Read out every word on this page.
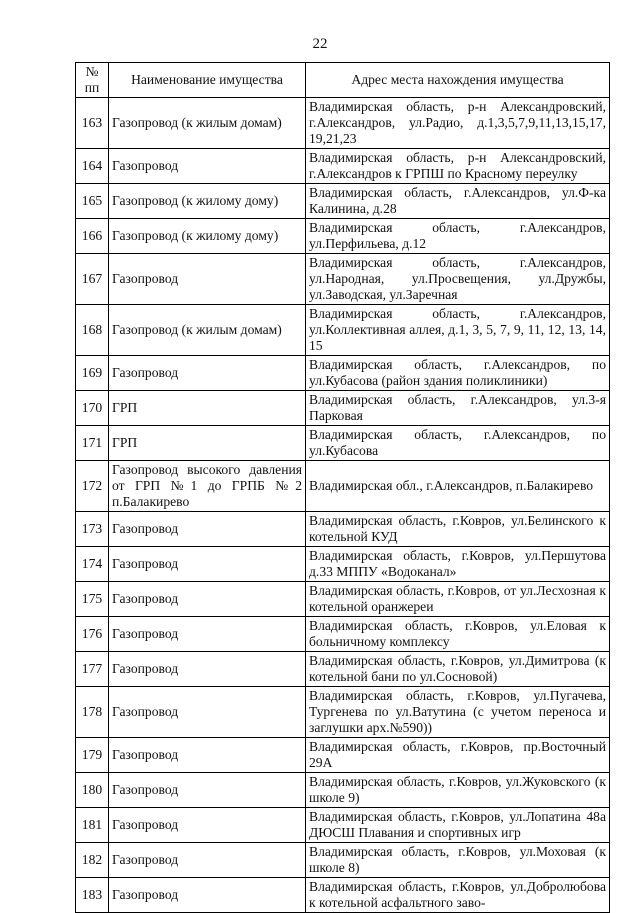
22
№ пп	Наименование имущества	Адрес места нахождения имущества
163	Газопровод (к жилым домам)	Владимирская область, р-н Александровский, г.Александров, ул.Радио, д.1,3,5,7,9,11,13,15,17, 19,21,23
164	Газопровод	Владимирская область, р-н Александровский, г.Александров к ГРПШ по Красному переулку
165	Газопровод (к жилому дому)	Владимирская область, г.Александров, ул.Ф-ка Калинина, д.28
166	Газопровод (к жилому дому)	Владимирская область, г.Александров, ул.Перфильева, д.12
167	Газопровод	Владимирская область, г.Александров, ул.Народная, ул.Просвещения, ул.Дружбы, ул.Заводская, ул.Заречная
168	Газопровод (к жилым домам)	Владимирская область, г.Александров, ул.Коллективная аллея, д.1, 3, 5, 7, 9, 11, 12, 13, 14, 15
169	Газопровод	Владимирская область, г.Александров, по ул.Кубасова (район здания поликлиники)
170	ГРП	Владимирская область, г.Александров, ул.3-я Парковая
171	ГРП	Владимирская область, г.Александров, по ул.Кубасова
172	Газопровод высокого давления от ГРП №1 до ГРПБ №2 п.Балакирево	Владимирская обл., г.Александров, п.Балакирево
173	Газопровод	Владимирская область, г.Ковров, ул.Белинского к котельной КУД
174	Газопровод	Владимирская область, г.Ковров, ул.Першутова д.33 МППУ «Водоканал»
175	Газопровод	Владимирская область, г.Ковров, от ул.Лесхозная к котельной оранжереи
176	Газопровод	Владимирская область, г.Ковров, ул.Еловая к больничному комплексу
177	Газопровод	Владимирская область, г.Ковров, ул.Димитрова (к котельной бани по ул.Сосновой)
178	Газопровод	Владимирская область, г.Ковров, ул.Пугачева, Тургенева по ул.Ватутина (с учетом переноса и заглушки арх.№590))
179	Газопровод	Владимирская область, г.Ковров, пр.Восточный 29А
180	Газопровод	Владимирская область, г.Ковров, ул.Жуковского (к школе 9)
181	Газопровод	Владимирская область, г.Ковров, ул.Лопатина 48а ДЮСШ Плавания и спортивных игр
182	Газопровод	Владимирская область, г.Ковров, ул.Моховая (к школе 8)
183	Газопровод	Владимирская область, г.Ковров, ул.Добролюбова к котельной асфальтного заво-
